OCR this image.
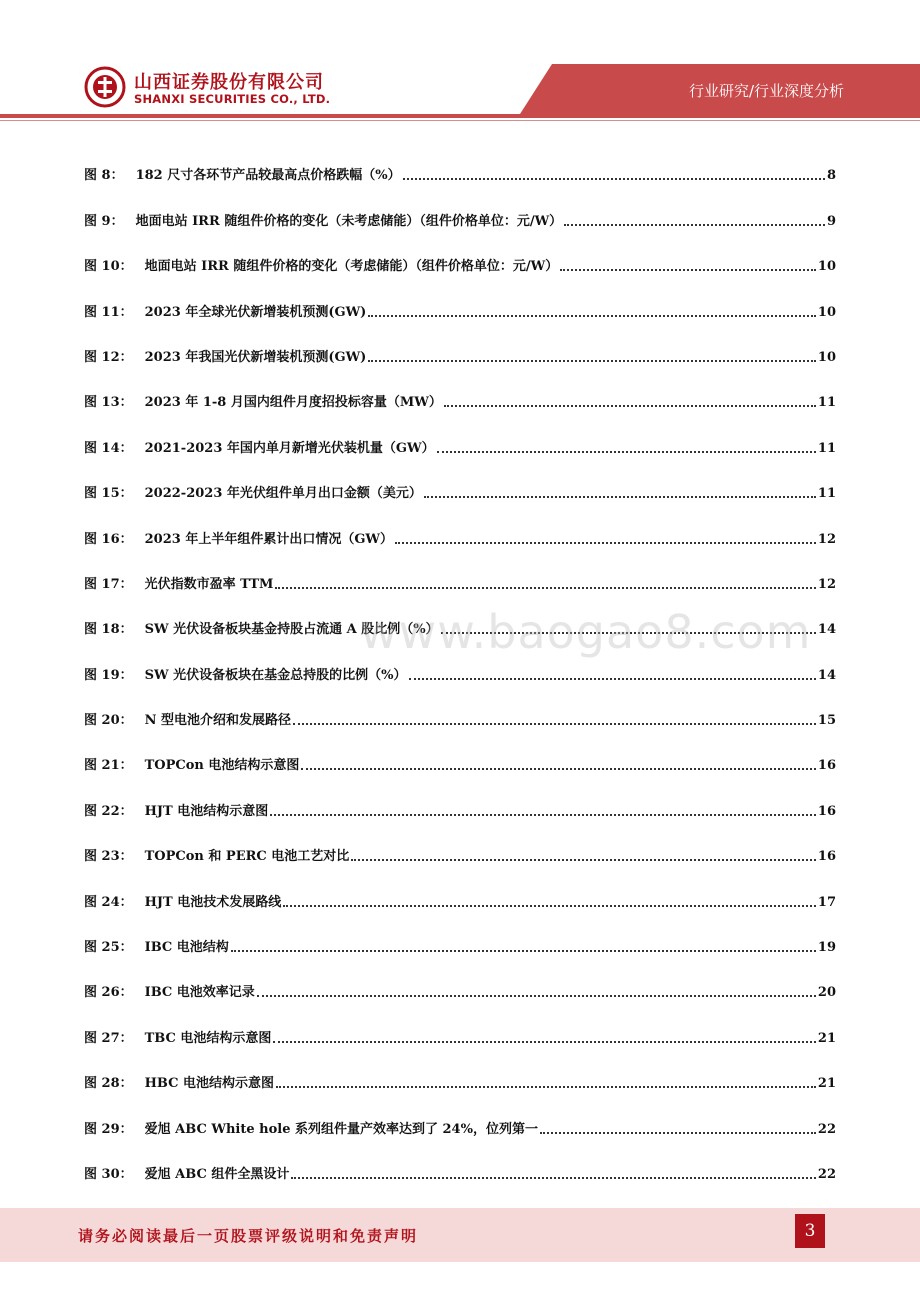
山西证券股份有限公司
SHANXI SECURITIES CO., LTD.	行业研究/行业深度分析
图 8： 182 尺寸各环节产品较最高点价格跌幅（%）	8
图 9： 地面电站 IRR 随组件价格的变化（未考虑储能）（组件价格单位：元/W）	9
图 10： 地面电站 IRR 随组件价格的变化（考虑储能）（组件价格单位：元/W）	10
图 11： 2023 年全球光伏新增装机预测(GW)	10
图 12： 2023 年我国光伏新增装机预测(GW)	10
图 13： 2023 年 1-8 月国内组件月度招投标容量（MW）	11
图 14： 2021-2023 年国内单月新增光伏装机量（GW）	11
图 15： 2022-2023 年光伏组件单月出口金额（美元）	11
图 16： 2023 年上半年组件累计出口情况（GW）	12
图 17： 光伏指数市盈率 TTM	12
图 18： SW 光伏设备板块基金持股占流通 A 股比例（%）	14
图 19： SW 光伏设备板块在基金总持股的比例（%）	14
图 20： N 型电池介绍和发展路径	15
图 21： TOPCon 电池结构示意图	16
图 22： HJT 电池结构示意图	16
图 23： TOPCon 和 PERC 电池工艺对比	16
图 24： HJT 电池技术发展路线	17
图 25： IBC 电池结构	19
图 26： IBC 电池效率记录	20
图 27： TBC 电池结构示意图	21
图 28： HBC 电池结构示意图	21
图 29： 爱旭 ABC White hole 系列组件量产效率达到了 24%，位列第一	22
图 30： 爱旭 ABC 组件全黑设计	22
www.baogao8.com
请务必阅读最后一页股票评级说明和免责声明	3
